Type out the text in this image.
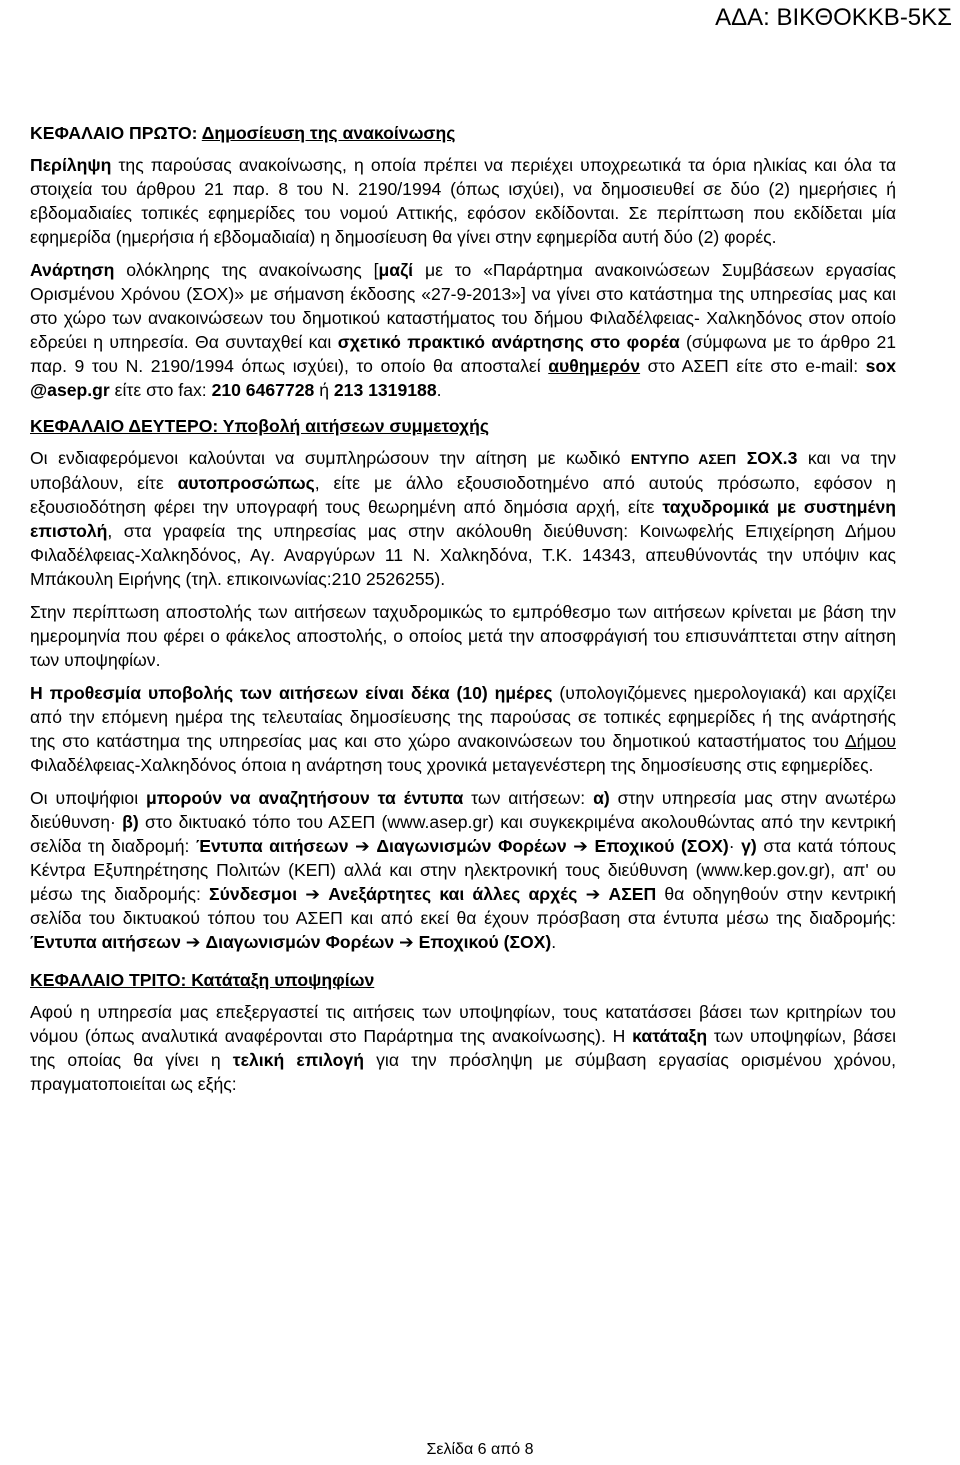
ΑΔΑ: ΒΙΚΘΟΚΚΒ-5ΚΣ
ΚΕΦΑΛΑΙΟ ΠΡΩΤΟ: Δημοσίευση της ανακοίνωσης
Περίληψη της παρούσας ανακοίνωσης, η οποία πρέπει να περιέχει υποχρεωτικά τα όρια ηλικίας και όλα τα στοιχεία του άρθρου 21 παρ. 8 του Ν. 2190/1994 (όπως ισχύει), να δημοσιευθεί σε δύο (2) ημερήσιες ή εβδομαδιαίες τοπικές εφημερίδες του νομού Αττικής, εφόσον εκδίδονται. Σε περίπτωση που εκδίδεται μία εφημερίδα (ημερήσια ή εβδομαδιαία) η δημοσίευση θα γίνει στην εφημερίδα αυτή δύο (2) φορές.
Ανάρτηση ολόκληρης της ανακοίνωσης [μαζί με το «Παράρτημα ανακοινώσεων Συμβάσεων εργασίας Ορισμένου Χρόνου (ΣΟΧ)» με σήμανση έκδοσης «27-9-2013»] να γίνει στο κατάστημα της υπηρεσίας μας και στο χώρο των ανακοινώσεων του δημοτικού καταστήματος του δήμου Φιλαδέλφειας- Χαλκηδόνος στον οποίο εδρεύει η υπηρεσία. Θα συνταχθεί και σχετικό πρακτικό ανάρτησης στο φορέα (σύμφωνα με το άρθρο 21 παρ. 9 του Ν. 2190/1994 όπως ισχύει), το οποίο θα αποσταλεί αυθημερόν στο ΑΣΕΠ είτε στο e-mail: sox @asep.gr είτε στο fax: 210 6467728 ή 213 1319188.
ΚΕΦΑΛΑΙΟ ΔΕΥΤΕΡΟ: Υποβολή αιτήσεων συμμετοχής
Οι ενδιαφερόμενοι καλούνται να συμπληρώσουν την αίτηση με κωδικό ΕΝΤΥΠΟ ΑΣΕΠ ΣΟΧ.3 και να την υποβάλουν, είτε αυτοπροσώπως, είτε με άλλο εξουσιοδοτημένο από αυτούς πρόσωπο, εφόσον η εξουσιοδότηση φέρει την υπογραφή τους θεωρημένη από δημόσια αρχή, είτε ταχυδρομικά με συστημένη επιστολή, στα γραφεία της υπηρεσίας μας στην ακόλουθη διεύθυνση: Κοινωφελής Επιχείρηση Δήμου Φιλαδέλφειας-Χαλκηδόνος, Αγ. Αναργύρων 11 Ν. Χαλκηδόνα, Τ.Κ. 14343, απευθύνοντάς την υπόψιν κας Μπάκουλη Ειρήνης (τηλ. επικοινωνίας:210 2526255).
Στην περίπτωση αποστολής των αιτήσεων ταχυδρομικώς το εμπρόθεσμο των αιτήσεων κρίνεται με βάση την ημερομηνία που φέρει ο φάκελος αποστολής, ο οποίος μετά την αποσφράγισή του επισυνάπτεται στην αίτηση των υποψηφίων.
Η προθεσμία υποβολής των αιτήσεων είναι δέκα (10) ημέρες (υπολογιζόμενες ημερολογιακά) και αρχίζει από την επόμενη ημέρα της τελευταίας δημοσίευσης της παρούσας σε τοπικές εφημερίδες ή της ανάρτησής της στο κατάστημα της υπηρεσίας μας και στο χώρο ανακοινώσεων του δημοτικού καταστήματος του Δήμου Φιλαδέλφειας-Χαλκηδόνος όποια η ανάρτηση τους χρονικά μεταγενέστερη της δημοσίευσης στις εφημερίδες.
Οι υποψήφιοι μπορούν να αναζητήσουν τα έντυπα των αιτήσεων: α) στην υπηρεσία μας στην ανωτέρω διεύθυνση· β) στο δικτυακό τόπο του ΑΣΕΠ (www.asep.gr) και συγκεκριμένα ακολουθώντας από την κεντρική σελίδα τη διαδρομή: Έντυπα αιτήσεων ➔ Διαγωνισμών Φορέων ➔ Εποχικού (ΣΟΧ)· γ) στα κατά τόπους Κέντρα Εξυπηρέτησης Πολιτών (ΚΕΠ) αλλά και στην ηλεκτρονική τους διεύθυνση (www.kep.gov.gr), απ' ου μέσω της διαδρομής: Σύνδεσμοι ➔ Ανεξάρτητες και άλλες αρχές ➔ ΑΣΕΠ θα οδηγηθούν στην κεντρική σελίδα του δικτυακού τόπου του ΑΣΕΠ και από εκεί θα έχουν πρόσβαση στα έντυπα μέσω της διαδρομής: Έντυπα αιτήσεων ➔ Διαγωνισμών Φορέων ➔ Εποχικού (ΣΟΧ).
ΚΕΦΑΛΑΙΟ ΤΡΙΤΟ: Κατάταξη υποψηφίων
Αφού η υπηρεσία μας επεξεργαστεί τις αιτήσεις των υποψηφίων, τους κατατάσσει βάσει των κριτηρίων του νόμου (όπως αναλυτικά αναφέρονται στο Παράρτημα της ανακοίνωσης). Η κατάταξη των υποψηφίων, βάσει της οποίας θα γίνει η τελική επιλογή για την πρόσληψη με σύμβαση εργασίας ορισμένου χρόνου, πραγματοποιείται ως εξής:
Σελίδα 6 από 8
